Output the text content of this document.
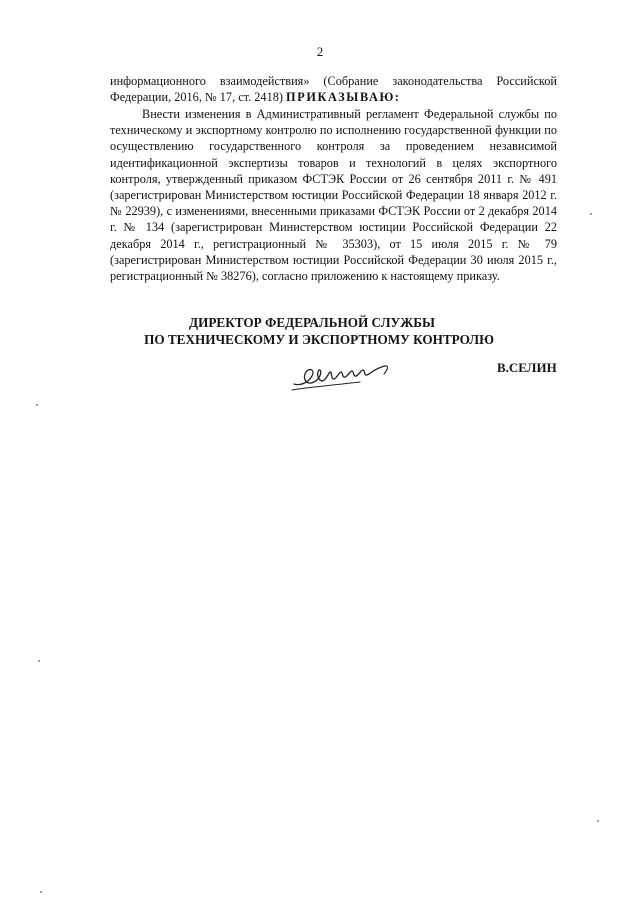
2

информационного взаимодействия» (Собрание законодательства Российской Федерации, 2016, № 17, ст. 2418) ПРИКАЗЫВАЮ:

Внести изменения в Административный регламент Федеральной службы по техническому и экспортному контролю по исполнению государственной функции по осуществлению государственного контроля за проведением независимой идентификационной экспертизы товаров и технологий в целях экспортного контроля, утвержденный приказом ФСТЭК России от 26 сентября 2011 г. № 491 (зарегистрирован Министерством юстиции Российской Федерации 18 января 2012 г. № 22939), с изменениями, внесенными приказами ФСТЭК России от 2 декабря 2014 г. № 134 (зарегистрирован Министерством юстиции Российской Федерации 22 декабря 2014 г., регистрационный № 35303), от 15 июля 2015 г. № 79 (зарегистрирован Министерством юстиции Российской Федерации 30 июля 2015 г., регистрационный № 38276), согласно приложению к настоящему приказу.

ДИРЕКТОР ФЕДЕРАЛЬНОЙ СЛУЖБЫ
ПО ТЕХНИЧЕСКОМУ И ЭКСПОРТНОМУ КОНТРОЛЮ
В.СЕЛИН
